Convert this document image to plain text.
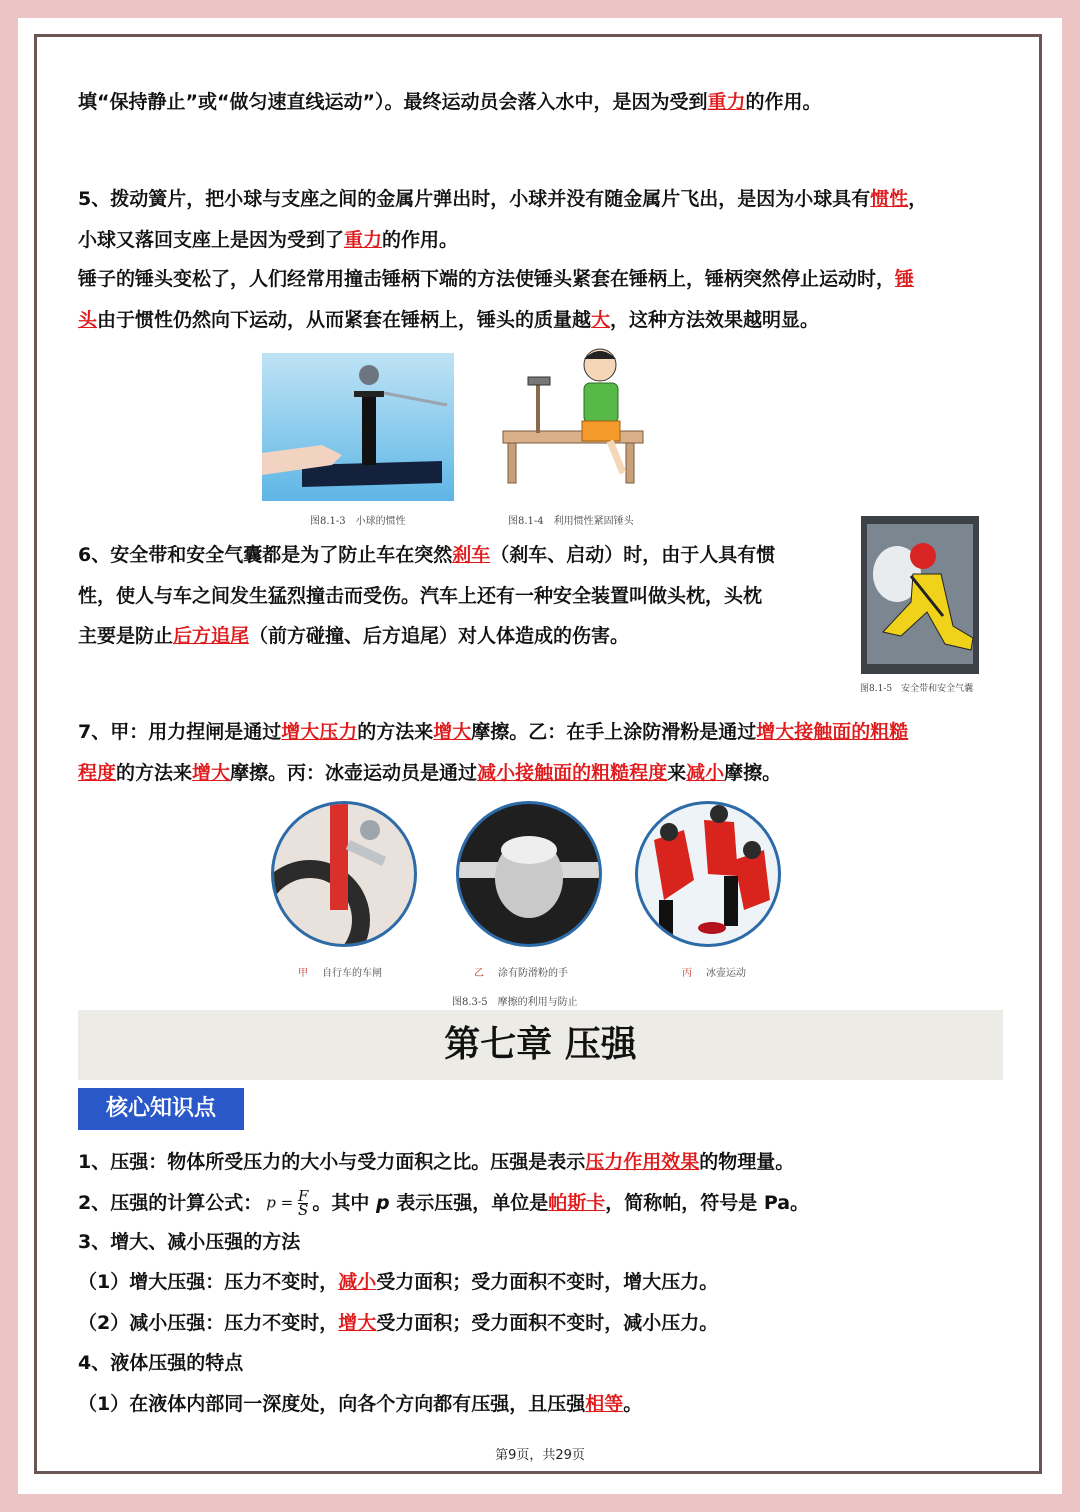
填“保持静止”或“做匀速直线运动”）。最终运动员会落入水中，是因为受到重力的作用。
5、拨动簧片，把小球与支座之间的金属片弹出时，小球并没有随金属片飞出，是因为小球具有惯性，
小球又落回支座上是因为受到了重力的作用。
锤子的锤头变松了，人们经常用撞击锤柄下端的方法使锤头紧套在锤柄上，锤柄突然停止运动时，锤
头由于惯性仍然向下运动，从而紧套在锤柄上，锤头的质量越大，这种方法效果越明显。
图8.1-3　小球的惯性	图8.1-4　利用惯性紧固锤头
6、安全带和安全气囊都是为了防止车在突然刹车（刹车、启动）时，由于人具有惯
性，使人与车之间发生猛烈撞击而受伤。汽车上还有一种安全装置叫做头枕，头枕
主要是防止后方追尾（前方碰撞、后方追尾）对人体造成的伤害。
图8.1-5　安全带和安全气囊
7、甲：用力捏闸是通过增大压力的方法来增大摩擦。乙：在手上涂防滑粉是通过增大接触面的粗糙
程度的方法来增大摩擦。丙：冰壶运动员是通过减小接触面的粗糙程度来减小摩擦。
甲 自行车的车闸	乙 涂有防滑粉的手	丙 冰壶运动
图8.3-5　摩擦的利用与防止
第七章 压强
核心知识点
1、压强：物体所受压力的大小与受力面积之比。压强是表示压力作用效果的物理量。
2、压强的计算公式： $p = \frac{F}{S}$ 。其中 p 表示压强，单位是帕斯卡，简称帕，符号是 Pa。
3、增大、减小压强的方法
（1）增大压强：压力不变时，减小受力面积；受力面积不变时，增大压力。
（2）减小压强：压力不变时，增大受力面积；受力面积不变时，减小压力。
4、液体压强的特点
（1）在液体内部同一深度处，向各个方向都有压强，且压强相等。
第9页，共29页
